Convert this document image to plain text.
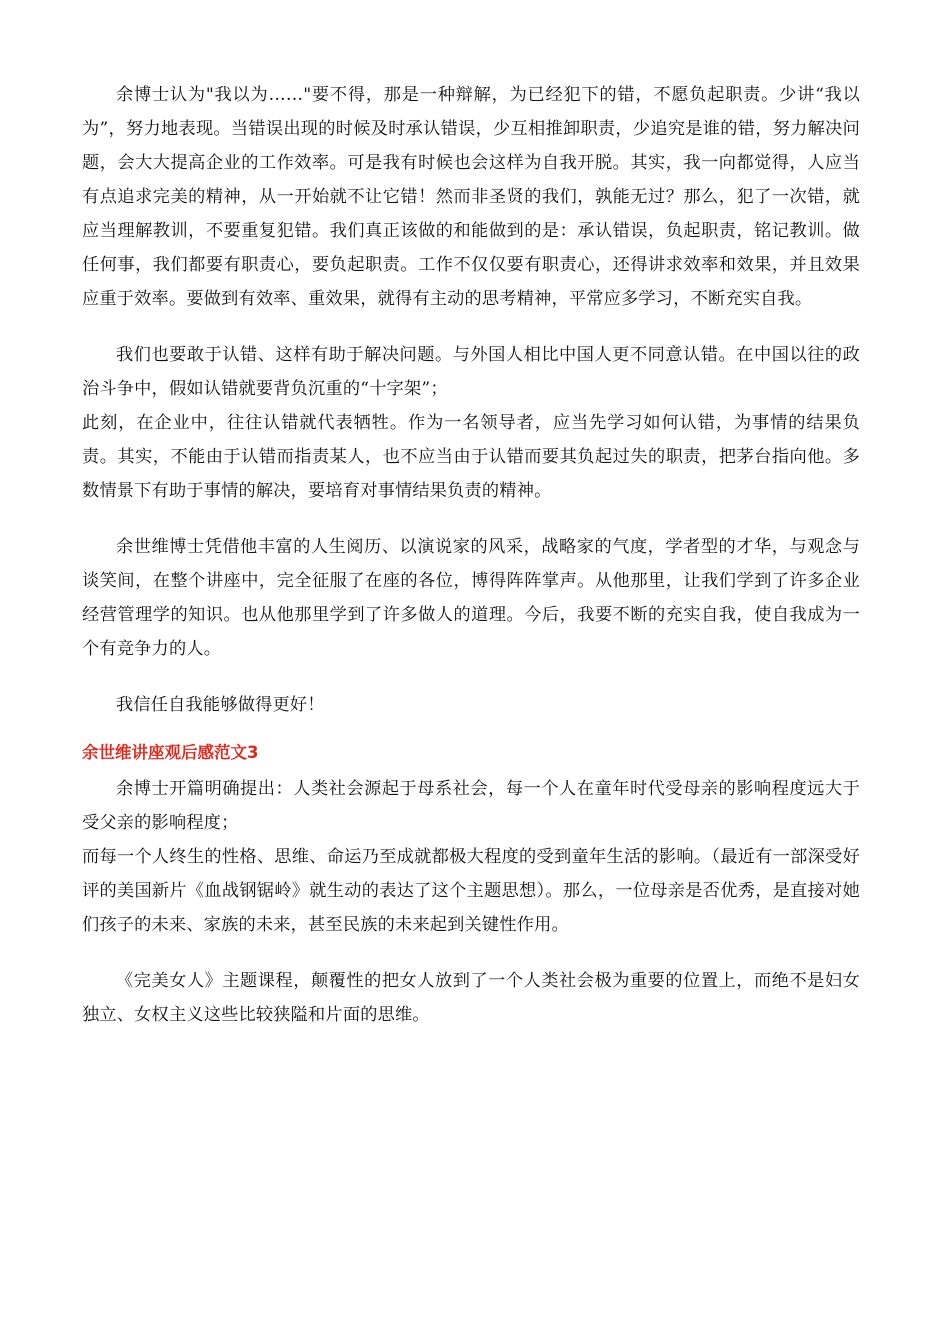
余博士认为"我以为……"要不得，那是一种辩解，为已经犯下的错，不愿负起职责。少讲“我以为”，努力地表现。当错误出现的时候及时承认错误，少互相推卸职责，少追究是谁的错，努力解决问题，会大大提高企业的工作效率。可是我有时候也会这样为自我开脱。其实，我一向都觉得，人应当有点追求完美的精神，从一开始就不让它错！然而非圣贤的我们，孰能无过？那么，犯了一次错，就应当理解教训，不要重复犯错。我们真正该做的和能做到的是：承认错误，负起职责，铭记教训。做任何事，我们都要有职责心，要负起职责。工作不仅仅要有职责心，还得讲求效率和效果，并且效果应重于效率。要做到有效率、重效果，就得有主动的思考精神，平常应多学习，不断充实自我。

我们也要敢于认错、这样有助于解决问题。与外国人相比中国人更不同意认错。在中国以往的政治斗争中，假如认错就要背负沉重的“十字架”；

此刻，在企业中，往往认错就代表牺牲。作为一名领导者，应当先学习如何认错，为事情的结果负责。其实，不能由于认错而指责某人，也不应当由于认错而要其负起过失的职责，把茅台指向他。多数情景下有助于事情的解决，要培育对事情结果负责的精神。

余世维博士凭借他丰富的人生阅历、以演说家的风采，战略家的气度，学者型的才华，与观念与谈笑间，在整个讲座中，完全征服了在座的各位，博得阵阵掌声。从他那里，让我们学到了许多企业经营管理学的知识。也从他那里学到了许多做人的道理。今后，我要不断的充实自我，使自我成为一个有竞争力的人。

我信任自我能够做得更好！

余世维讲座观后感范文3

余博士开篇明确提出：人类社会源起于母系社会，每一个人在童年时代受母亲的影响程度远大于受父亲的影响程度；

而每一个人终生的性格、思维、命运乃至成就都极大程度的受到童年生活的影响。（最近有一部深受好评的美国新片《血战钢锯岭》就生动的表达了这个主题思想）。那么，一位母亲是否优秀，是直接对她们孩子的未来、家族的未来，甚至民族的未来起到关键性作用。

《完美女人》主题课程，颠覆性的把女人放到了一个人类社会极为重要的位置上，而绝不是妇女独立、女权主义这些比较狭隘和片面的思维。
